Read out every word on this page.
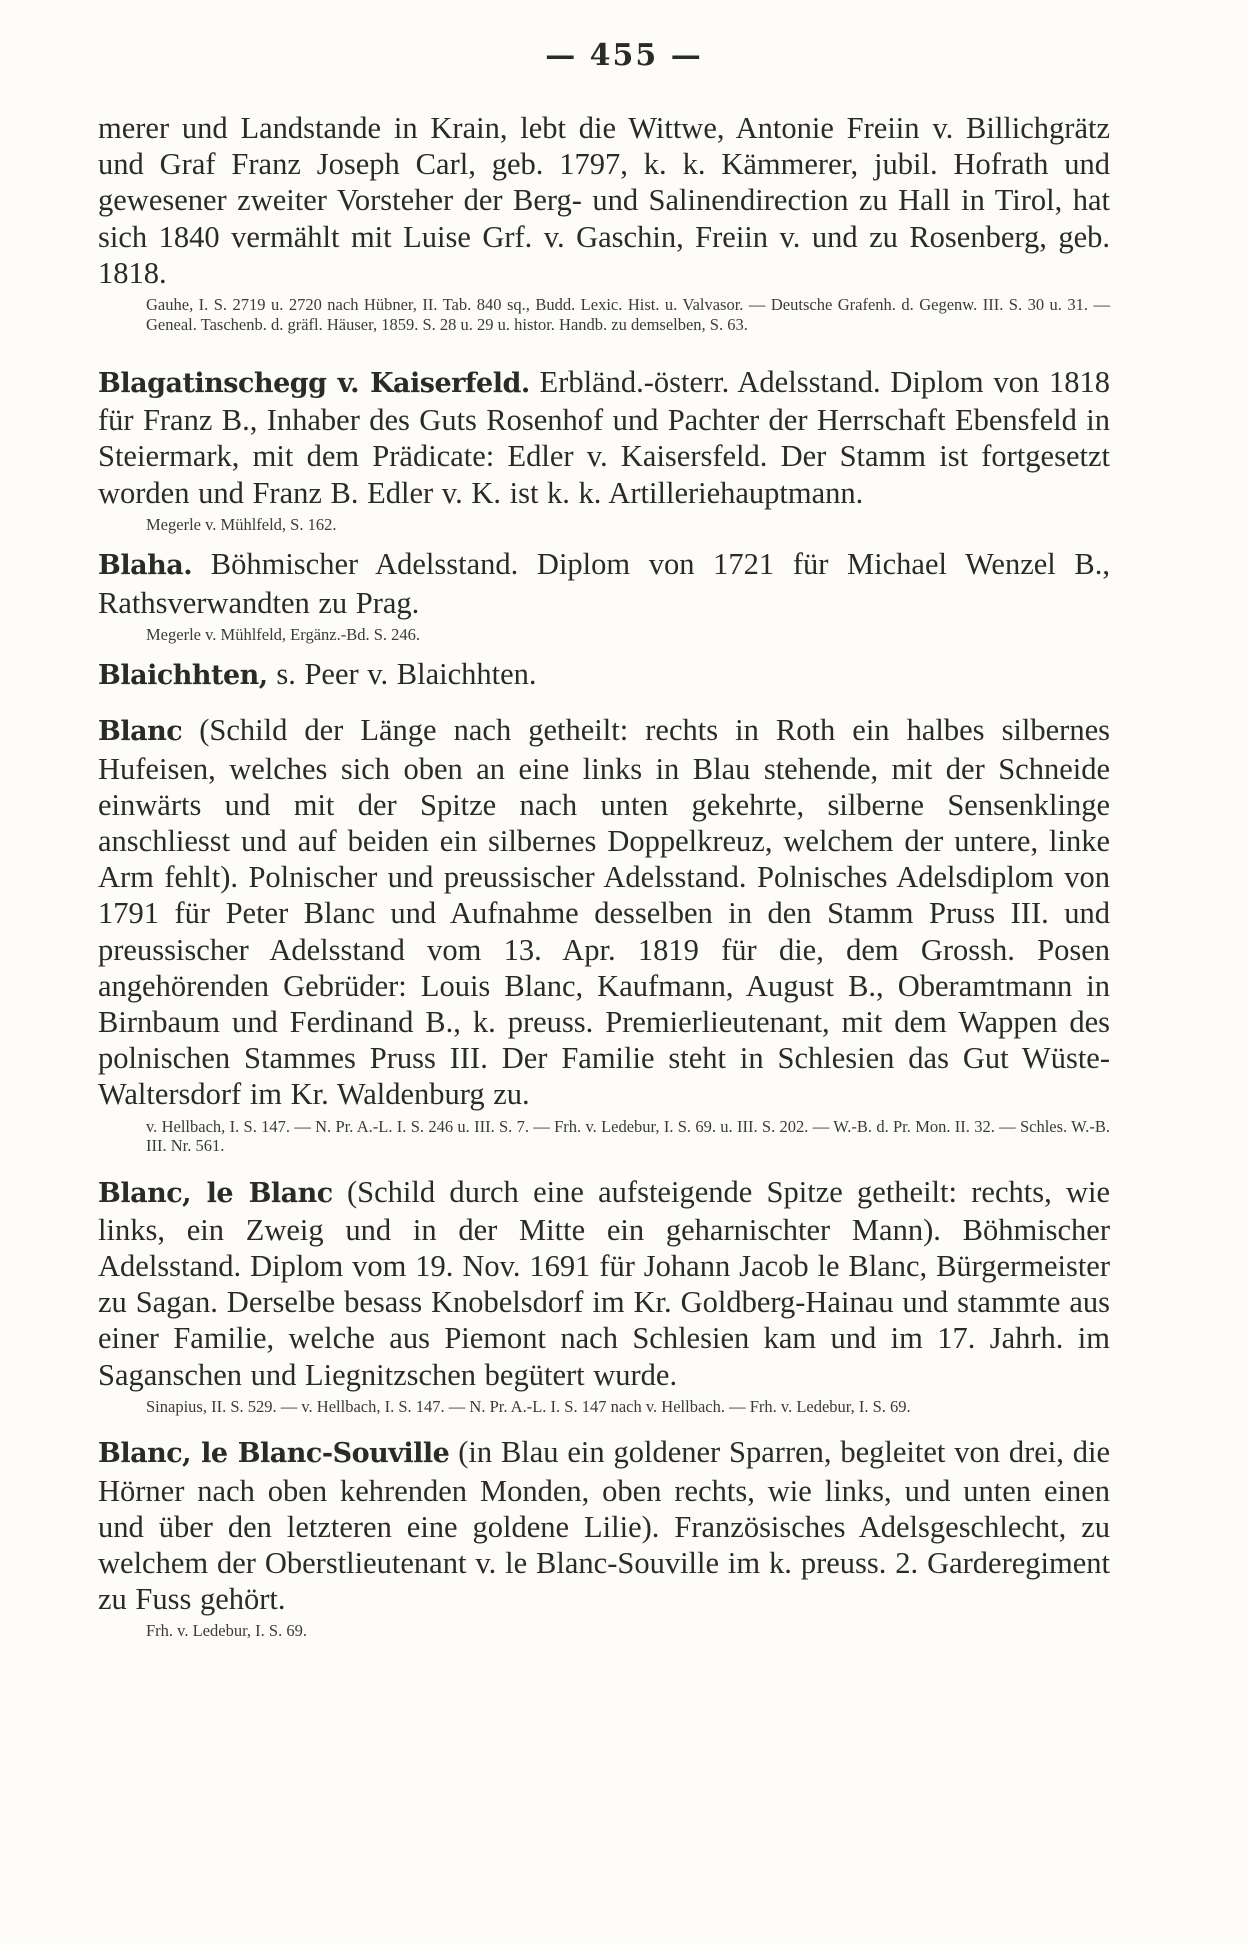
— 455 —

merer und Landstande in Krain, lebt die Wittwe, Antonie Freiin v. Billichgrätz und Graf Franz Joseph Carl, geb. 1797, k. k. Kämmerer, jubil. Hofrath und gewesener zweiter Vorsteher der Berg- und Salinendirection zu Hall in Tirol, hat sich 1840 vermählt mit Luise Grf. v. Gaschin, Freiin v. und zu Rosenberg, geb. 1818.

Gauhe, I. S. 2719 u. 2720 nach Hübner, II. Tab. 840 sq., Budd. Lexic. Hist. u. Valvasor. — Deutsche Grafenh. d. Gegenw. III. S. 30 u. 31. — Geneal. Taschenb. d. gräfl. Häuser, 1859. S. 28 u. 29 u. histor. Handb. zu demselben, S. 63.

Blagatinschegg v. Kaiserfeld. Erbländ.-österr. Adelsstand. Diplom von 1818 für Franz B., Inhaber des Guts Rosenhof und Pachter der Herrschaft Ebensfeld in Steiermark, mit dem Prädicate: Edler v. Kaisersfeld. Der Stamm ist fortgesetzt worden und Franz B. Edler v. K. ist k. k. Artilleriehauptmann.

Megerle v. Mühlfeld, S. 162.

Blaha. Böhmischer Adelsstand. Diplom von 1721 für Michael Wenzel B., Rathsverwandten zu Prag.

Megerle v. Mühlfeld, Ergänz.-Bd. S. 246.

Blaichhten, s. Peer v. Blaichhten.

Blanc (Schild der Länge nach getheilt: rechts in Roth ein halbes silbernes Hufeisen, welches sich oben an eine links in Blau stehende, mit der Schneide einwärts und mit der Spitze nach unten gekehrte, silberne Sensenklinge anschliesst und auf beiden ein silbernes Doppelkreuz, welchem der untere, linke Arm fehlt). Polnischer und preussischer Adelsstand. Polnisches Adelsdiplom von 1791 für Peter Blanc und Aufnahme desselben in den Stamm Pruss III. und preussischer Adelsstand vom 13. Apr. 1819 für die, dem Grossh. Posen angehörenden Gebrüder: Louis Blanc, Kaufmann, August B., Oberamtmann in Birnbaum und Ferdinand B., k. preuss. Premierlieutenant, mit dem Wappen des polnischen Stammes Pruss III. Der Familie steht in Schlesien das Gut Wüste-Waltersdorf im Kr. Waldenburg zu.

v. Hellbach, I. S. 147. — N. Pr. A.-L. I. S. 246 u. III. S. 7. — Frh. v. Ledebur, I. S. 69. u. III. S. 202. — W.-B. d. Pr. Mon. II. 32. — Schles. W.-B. III. Nr. 561.

Blanc, le Blanc (Schild durch eine aufsteigende Spitze getheilt: rechts, wie links, ein Zweig und in der Mitte ein geharnischter Mann). Böhmischer Adelsstand. Diplom vom 19. Nov. 1691 für Johann Jacob le Blanc, Bürgermeister zu Sagan. Derselbe besass Knobelsdorf im Kr. Goldberg-Hainau und stammte aus einer Familie, welche aus Piemont nach Schlesien kam und im 17. Jahrh. im Saganschen und Liegnitzschen begütert wurde.

Sinapius, II. S. 529. — v. Hellbach, I. S. 147. — N. Pr. A.-L. I. S. 147 nach v. Hellbach. — Frh. v. Ledebur, I. S. 69.

Blanc, le Blanc-Souville (in Blau ein goldener Sparren, begleitet von drei, die Hörner nach oben kehrenden Monden, oben rechts, wie links, und unten einen und über den letzteren eine goldene Lilie). Französisches Adelsgeschlecht, zu welchem der Oberstlieutenant v. le Blanc-Souville im k. preuss. 2. Garderegiment zu Fuss gehört.

Frh. v. Ledebur, I. S. 69.
